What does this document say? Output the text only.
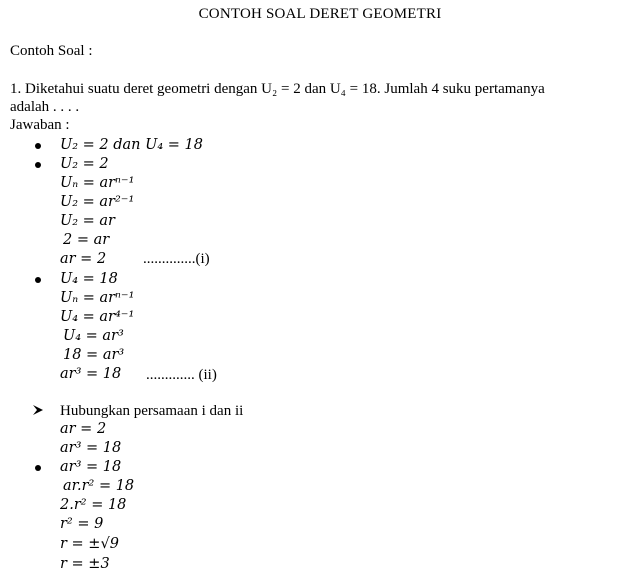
CONTOH SOAL DERET GEOMETRI
Contoh Soal :
1. Diketahui suatu deret geometri dengan U₂ = 2 dan U₄ = 18. Jumlah 4 suku pertamanya
adalah . . . .
Jawaban :
U₂ = 2 dan U₄ = 18
U₂ = 2
Uₙ = arⁿ⁻¹
U₂ = ar²⁻¹
U₂ = ar
2 = ar
ar = 2 ..............(i)
U₄ = 18
Uₙ = arⁿ⁻¹
U₄ = ar⁴⁻¹
U₄ = ar³
18 = ar³
ar³ = 18 ............. (ii)
Hubungkan persamaan i dan ii
ar = 2
ar³ = 18
ar³ = 18
ar.r² = 18
2.r² = 18
r² = 9
r = ±√9
r = ±3
